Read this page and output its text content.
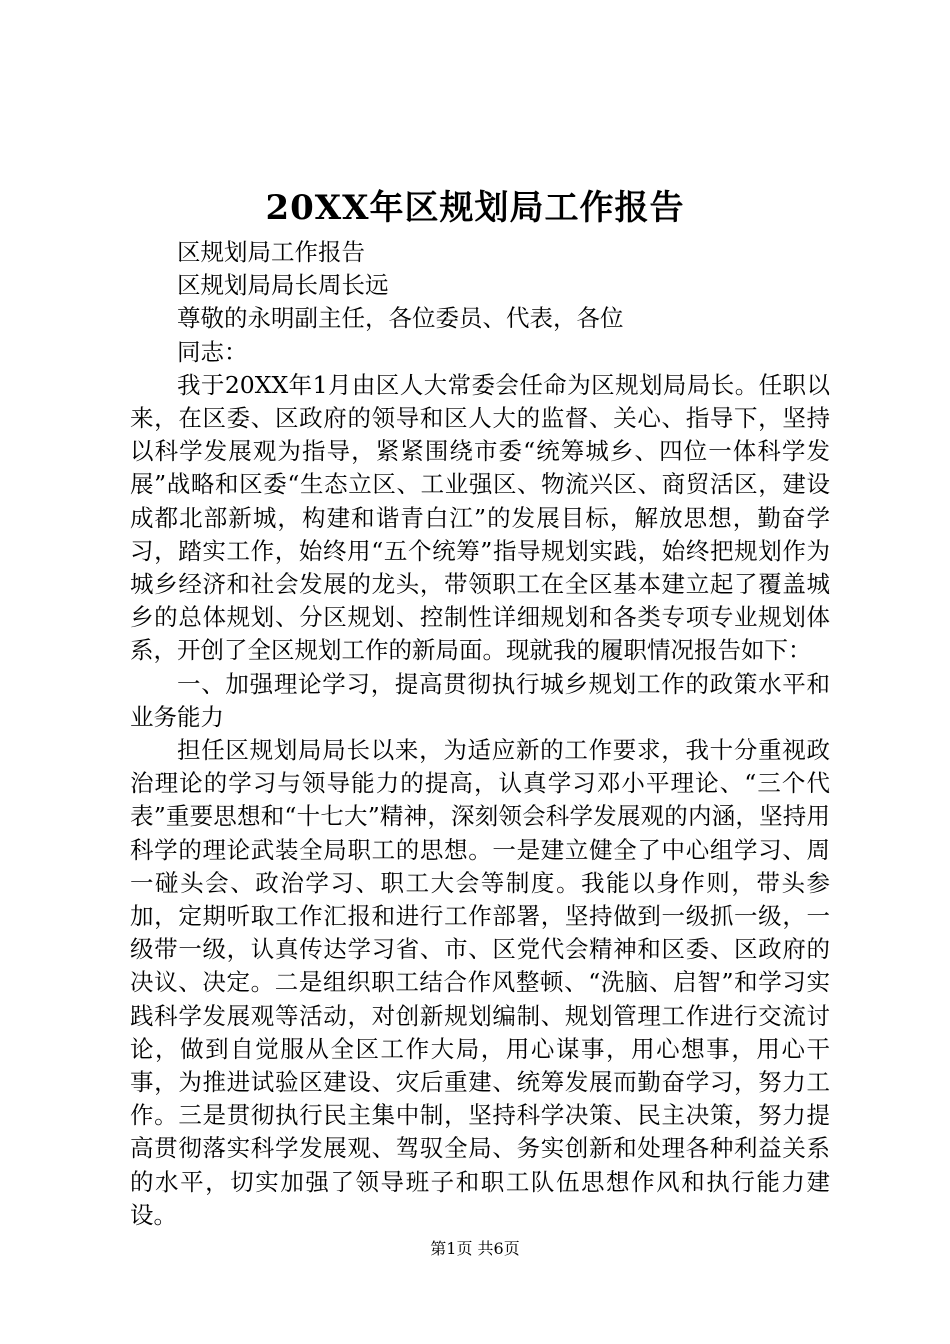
20XX年区规划局工作报告

区规划局工作报告

区规划局局长周长远

尊敬的永明副主任，各位委员、代表，各位

同志：

我于20XX年1月由区人大常委会任命为区规划局局长。任职以来，在区委、区政府的领导和区人大的监督、关心、指导下，坚持以科学发展观为指导，紧紧围绕市委“统筹城乡、四位一体科学发展”战略和区委“生态立区、工业强区、物流兴区、商贸活区，建设成都北部新城，构建和谐青白江”的发展目标，解放思想，勤奋学习，踏实工作，始终用“五个统筹”指导规划实践，始终把规划作为城乡经济和社会发展的龙头，带领职工在全区基本建立起了覆盖城乡的总体规划、分区规划、控制性详细规划和各类专项专业规划体系，开创了全区规划工作的新局面。现就我的履职情况报告如下：

一、加强理论学习，提高贯彻执行城乡规划工作的政策水平和业务能力

担任区规划局局长以来，为适应新的工作要求，我十分重视政治理论的学习与领导能力的提高，认真学习邓小平理论、“三个代表”重要思想和“十七大”精神，深刻领会科学发展观的内涵，坚持用科学的理论武装全局职工的思想。一是建立健全了中心组学习、周一碰头会、政治学习、职工大会等制度。我能以身作则，带头参加，定期听取工作汇报和进行工作部署，坚持做到一级抓一级，一级带一级，认真传达学习省、市、区党代会精神和区委、区政府的决议、决定。二是组织职工结合作风整顿、“洗脑、启智”和学习实践科学发展观等活动，对创新规划编制、规划管理工作进行交流讨论，做到自觉服从全区工作大局，用心谋事，用心想事，用心干事，为推进试验区建设、灾后重建、统筹发展而勤奋学习，努力工作。三是贯彻执行民主集中制，坚持科学决策、民主决策，努力提高贯彻落实科学发展观、驾驭全局、务实创新和处理各种利益关系的水平，切实加强了领导班子和职工队伍思想作风和执行能力建设。

第1页 共6页
